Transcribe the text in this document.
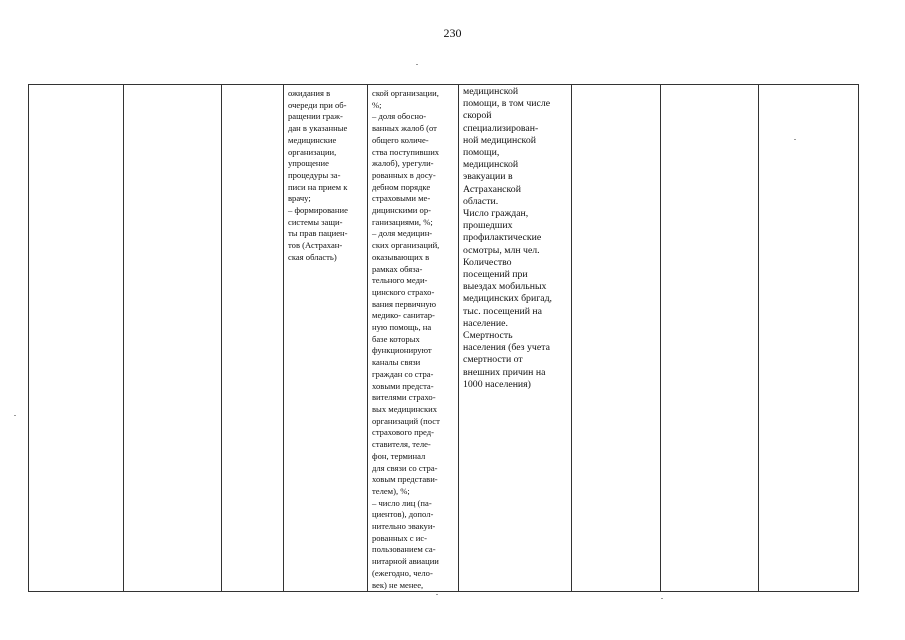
230

ожидания в
очереди при об-
ращении граж-
дан в указанные
медицинские
организации,
упрощение
процедуры за-
писи на прием к
врачу;
– формирование
системы защи-
ты прав пациен-
тов (Астрахан-
ская область)

ской организации,
%;
– доля обосно-
ванных жалоб (от
общего количе-
ства поступивших
жалоб), урегули-
рованных в досу-
дебном порядке
страховыми ме-
дицинскими ор-
ганизациями, %;
– доля медицин-
ских организаций,
оказывающих в
рамках обяза-
тельного меди-
цинского страхо-
вания первичную
медико- санитар-
ную помощь, на
базе которых
функционируют
каналы связи
граждан со стра-
ховыми предста-
вителями страхо-
вых медицинских
организаций (пост
страхового пред-
ставителя, теле-
фон, терминал
для связи со стра-
ховым представи-
телем), %;
– число лиц (па-
циентов), допол-
нительно эвакуи-
рованных с ис-
пользованием са-
нитарной авиации
(ежегодно, чело-
век) не менее,

медицинской
помощи, в том числе
скорой
специализирован-
ной медицинской
помощи,
медицинской
эвакуации в
Астраханской
области.
Число граждан,
прошедших
профилактические
осмотры, млн чел.
Количество
посещений при
выездах мобильных
медицинских бригад,
тыс. посещений на
население.
Смертность
населения (без учета
смертности от
внешних причин на
1000 населения)
